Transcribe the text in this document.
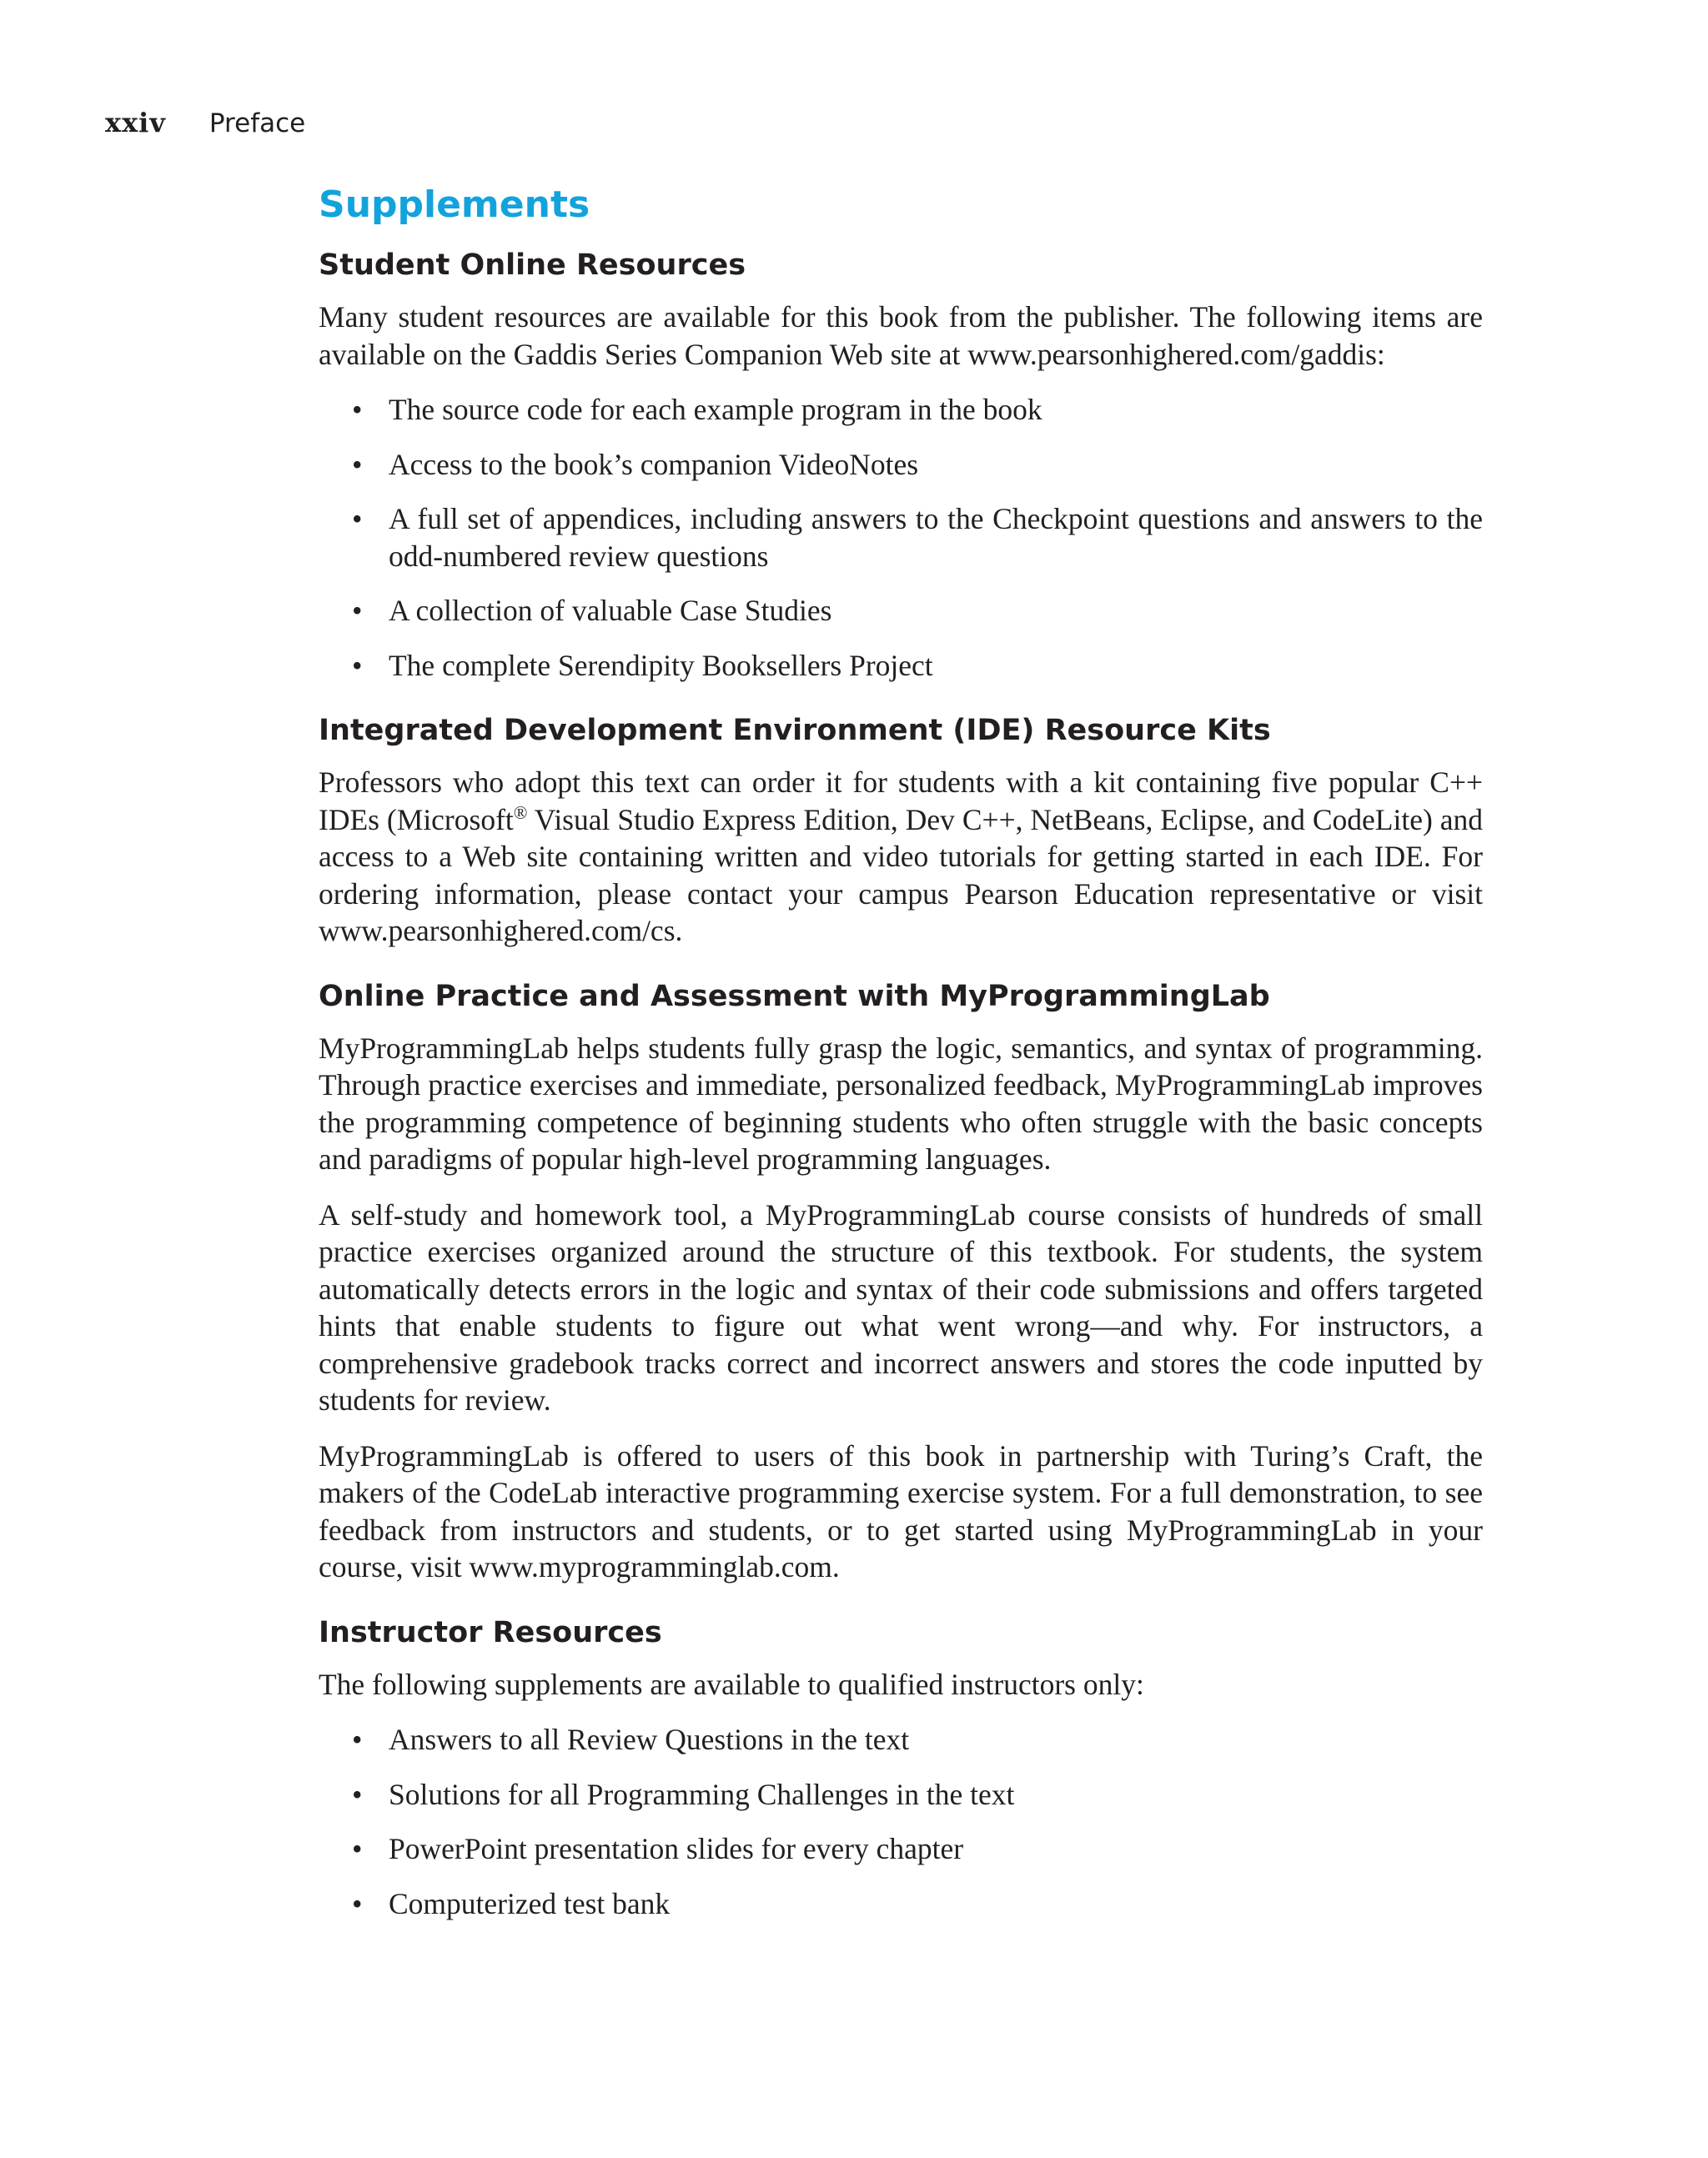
xxiv Preface
Supplements
Student Online Resources

Many student resources are available for this book from the publisher. The following items are available on the Gaddis Series Companion Web site at www.pearsonhighered.com/gaddis:

• The source code for each example program in the book
• Access to the book’s companion VideoNotes
• A full set of appendices, including answers to the Checkpoint questions and answers to the odd-numbered review questions
• A collection of valuable Case Studies
• The complete Serendipity Booksellers Project
Integrated Development Environment (IDE) Resource Kits

Professors who adopt this text can order it for students with a kit containing five popular C++ IDEs (Microsoft® Visual Studio Express Edition, Dev C++, NetBeans, Eclipse, and CodeLite) and access to a Web site containing written and video tutorials for getting started in each IDE. For ordering information, please contact your campus Pearson Education representative or visit www.pearsonhighered.com/cs.

Online Practice and Assessment with MyProgrammingLab

MyProgrammingLab helps students fully grasp the logic, semantics, and syntax of programming. Through practice exercises and immediate, personalized feedback, MyProgrammingLab improves the programming competence of beginning students who often struggle with the basic concepts and paradigms of popular high-level programming languages.

A self-study and homework tool, a MyProgrammingLab course consists of hundreds of small practice exercises organized around the structure of this textbook. For students, the system automatically detects errors in the logic and syntax of their code submissions and offers targeted hints that enable students to figure out what went wrong—and why. For instructors, a comprehensive gradebook tracks correct and incorrect answers and stores the code inputted by students for review.

MyProgrammingLab is offered to users of this book in partnership with Turing’s Craft, the makers of the CodeLab interactive programming exercise system. For a full demonstration, to see feedback from instructors and students, or to get started using MyProgrammingLab in your course, visit www.myprogramminglab.com.

Instructor Resources

The following supplements are available to qualified instructors only:

• Answers to all Review Questions in the text
• Solutions for all Programming Challenges in the text
• PowerPoint presentation slides for every chapter
• Computerized test bank
